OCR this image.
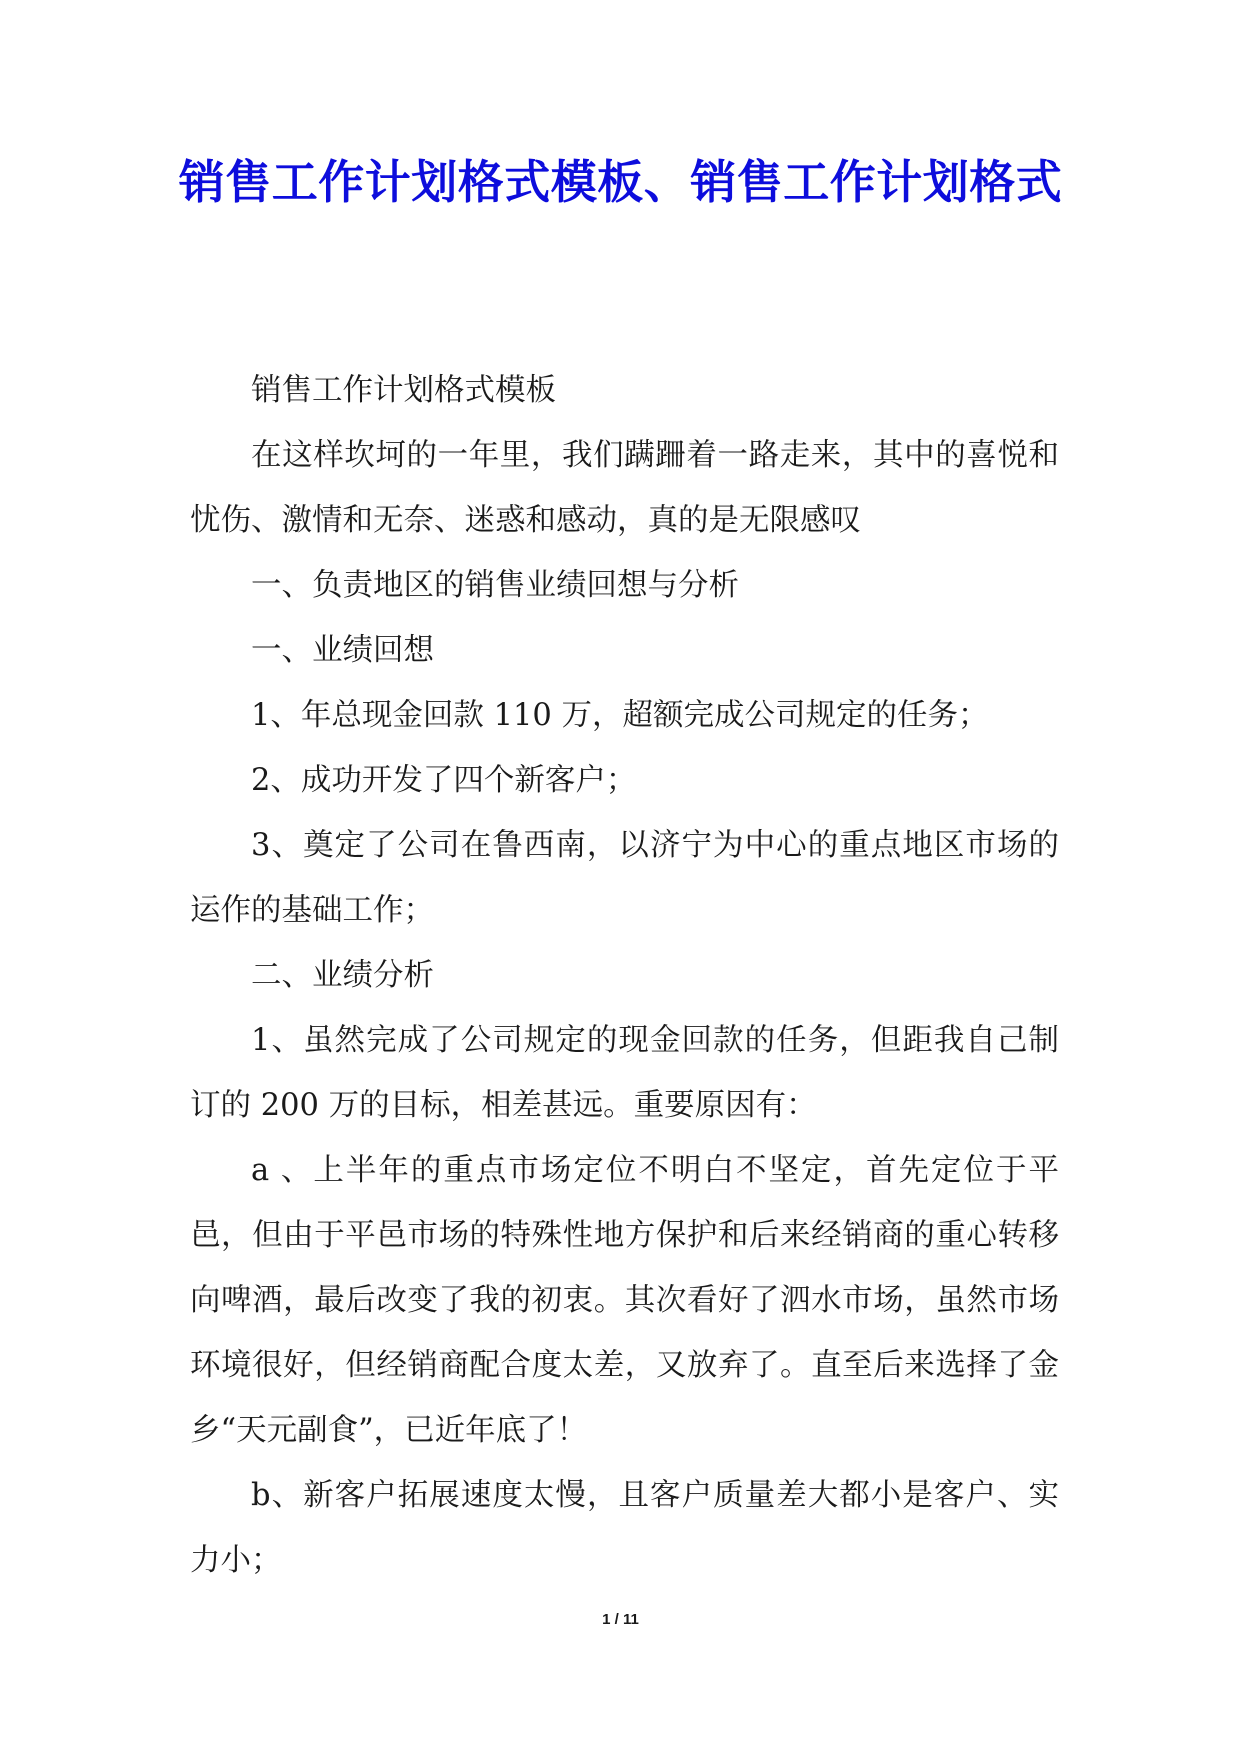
销售工作计划格式模板、销售工作计划格式

销售工作计划格式模板

在这样坎坷的一年里，我们蹒跚着一路走来，其中的喜悦和忧伤、激情和无奈、迷惑和感动，真的是无限感叹

一、负责地区的销售业绩回想与分析

一、业绩回想

1、年总现金回款 110 万，超额完成公司规定的任务；

2、成功开发了四个新客户；

3、奠定了公司在鲁西南，以济宁为中心的重点地区市场的运作的基础工作；

二、业绩分析

1、虽然完成了公司规定的现金回款的任务，但距我自己制订的 200 万的目标，相差甚远。重要原因有：

a 、上半年的重点市场定位不明白不坚定，首先定位于平邑，但由于平邑市场的特殊性地方保护和后来经销商的重心转移向啤酒，最后改变了我的初衷。其次看好了泗水市场，虽然市场环境很好，但经销商配合度太差，又放弃了。直至后来选择了金乡“天元副食”，已近年底了！

b、新客户拓展速度太慢，且客户质量差大都小是客户、实力小；

1 / 11
